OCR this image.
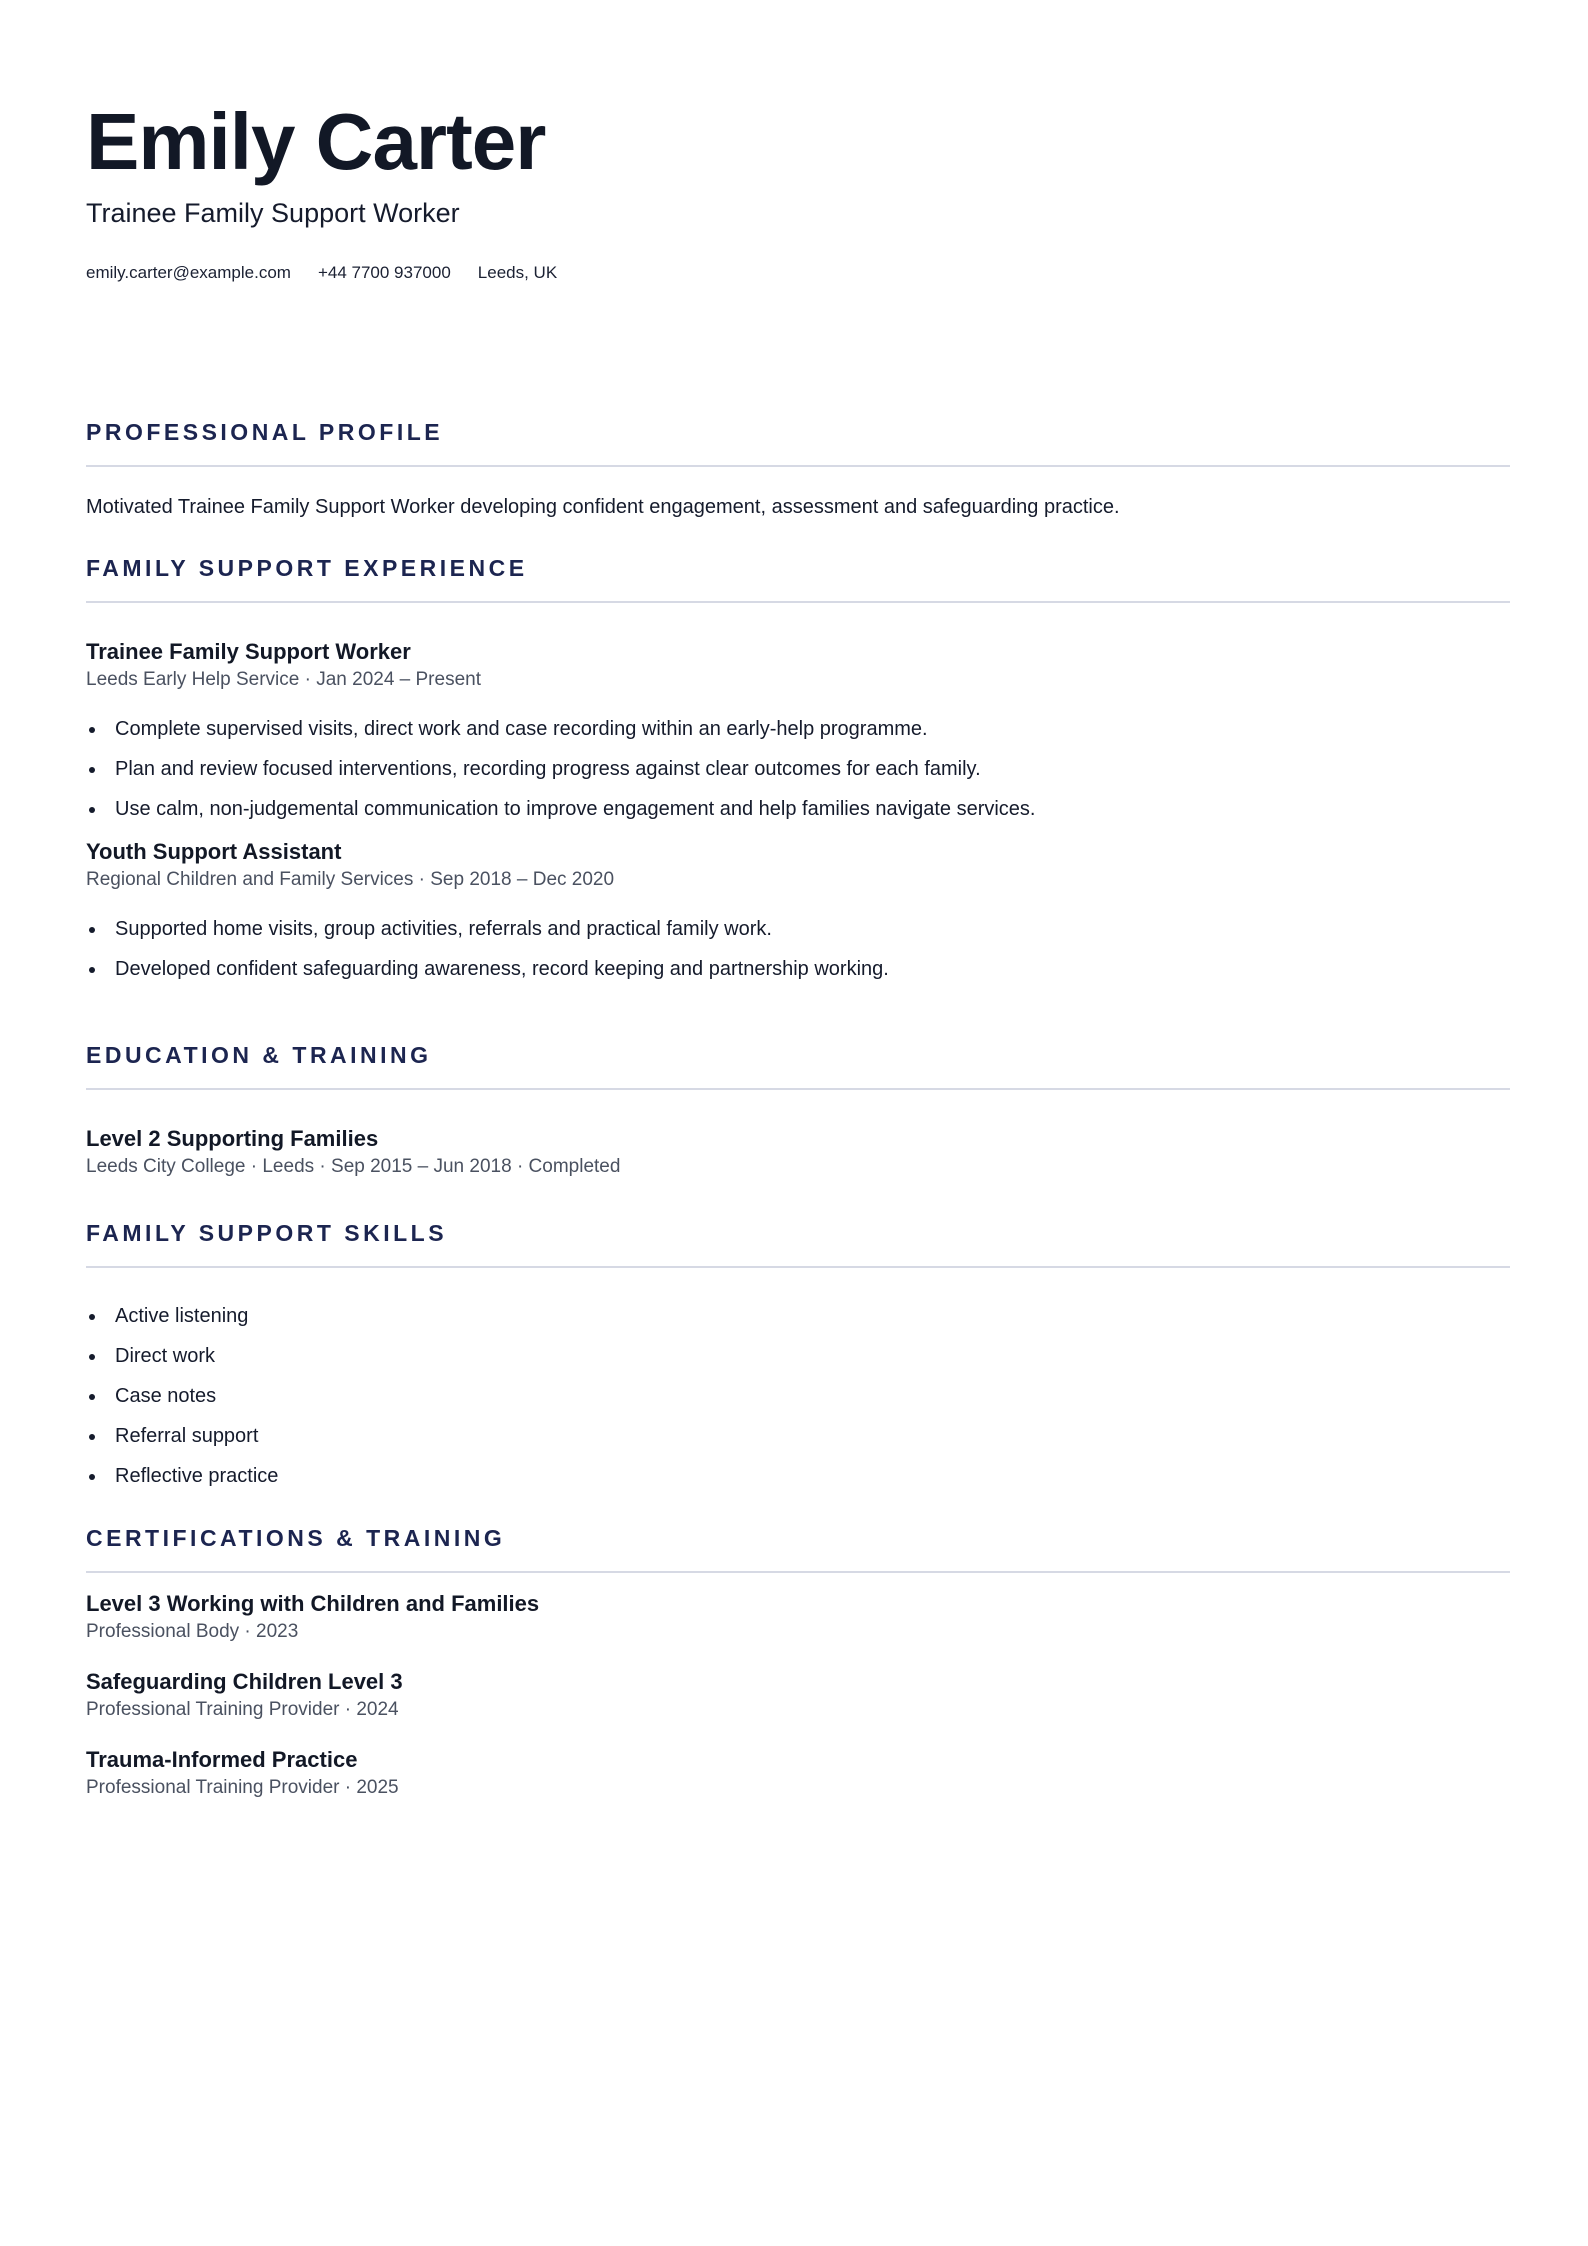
Emily Carter
Trainee Family Support Worker
emily.carter@example.com +44 7700 937000 Leeds, UK
PROFESSIONAL PROFILE
Motivated Trainee Family Support Worker developing confident engagement, assessment and safeguarding practice.
FAMILY SUPPORT EXPERIENCE
Trainee Family Support Worker
Leeds Early Help Service · Jan 2024 – Present
Complete supervised visits, direct work and case recording within an early-help programme.
Plan and review focused interventions, recording progress against clear outcomes for each family.
Use calm, non-judgemental communication to improve engagement and help families navigate services.
Youth Support Assistant
Regional Children and Family Services · Sep 2018 – Dec 2020
Supported home visits, group activities, referrals and practical family work.
Developed confident safeguarding awareness, record keeping and partnership working.
EDUCATION & TRAINING
Level 2 Supporting Families
Leeds City College · Leeds · Sep 2015 – Jun 2018 · Completed
FAMILY SUPPORT SKILLS
Active listening
Direct work
Case notes
Referral support
Reflective practice
CERTIFICATIONS & TRAINING
Level 3 Working with Children and Families
Professional Body · 2023
Safeguarding Children Level 3
Professional Training Provider · 2024
Trauma-Informed Practice
Professional Training Provider · 2025
